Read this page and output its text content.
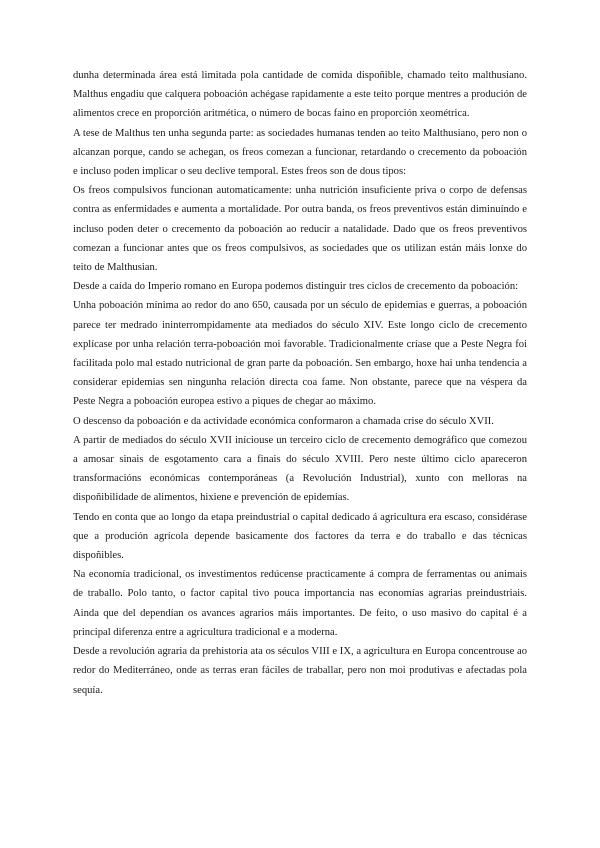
dunha determinada área está limitada pola cantidade de comida dispoñible, chamado teito malthusiano. Malthus engadiu que calquera poboación achégase rapidamente a este teito porque mentres a produción de alimentos crece en proporción aritmética, o número de bocas faino en proporción xeométrica.

A tese de Malthus ten unha segunda parte: as sociedades humanas tenden ao teito Malthusiano, pero non o alcanzan porque, cando se achegan, os freos comezan a funcionar, retardando o crecemento da poboación e incluso poden implicar o seu declive temporal. Estes freos son de dous tipos:

Os freos compulsivos funcionan automaticamente: unha nutrición insuficiente priva o corpo de defensas contra as enfermidades e aumenta a mortalidade. Por outra banda, os freos preventivos están diminuíndo e incluso poden deter o crecemento da poboación ao reducir a natalidade. Dado que os freos preventivos comezan a funcionar antes que os freos compulsivos, as sociedades que os utilizan están máis lonxe do teito de Malthusian.

Desde a caída do Imperio romano en Europa podemos distinguir tres ciclos de crecemento da poboación:

Unha poboación mínima ao redor do ano 650, causada por un século de epidemias e guerras, a poboación parece ter medrado ininterrompidamente ata mediados do século XIV. Este longo ciclo de crecemento explícase por unha relación terra-poboación moi favorable. Tradicionalmente críase que a Peste Negra foi facilitada polo mal estado nutricional de gran parte da poboación. Sen embargo, hoxe hai unha tendencia a considerar epidemias sen ningunha relación directa coa fame. Non obstante, parece que na véspera da Peste Negra a poboación europea estivo a piques de chegar ao máximo.

O descenso da poboación e da actividade económica conformaron a chamada crise do século XVII.

A partir de mediados do século XVII iníciouse un terceiro ciclo de crecemento demográfico que comezou a amosar sinais de esgotamento cara a finais do século XVIII. Pero neste último ciclo apareceron transformacións económicas contemporáneas (a Revolución Industrial), xunto con melloras na dispoñibilidade de alimentos, hixiene e prevención de epidemias.

Tendo en conta que ao longo da etapa preindustrial o capital dedicado á agricultura era escaso, considérase que a produción agrícola depende basicamente dos factores da terra e do traballo e das técnicas dispoñibles.

Na economía tradicional, os investimentos redúcense practicamente á compra de ferramentas ou animais de traballo. Polo tanto, o factor capital tivo pouca importancia nas economías agrarias preindustriais. Ainda que del dependían os avances agrarios máis importantes. De feito, o uso masivo do capital é a principal diferenza entre a agricultura tradicional e a moderna.

Desde a revolución agraria da prehistoria ata os séculos VIII e IX, a agricultura en Europa concentrouse ao redor do Mediterráneo, onde as terras eran fáciles de traballar, pero non moi produtivas e afectadas pola sequía.
